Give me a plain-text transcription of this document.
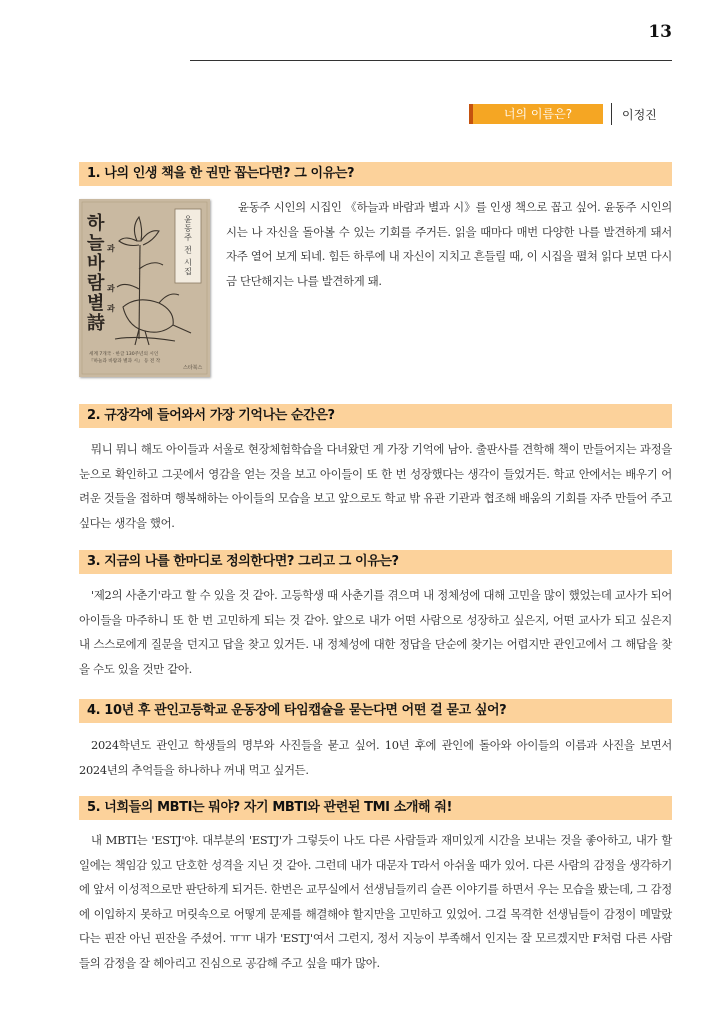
13
너의 이름은?	이정진
1. 나의 인생 책을 한 권만 꼽는다면? 그 이유는?
하
늘 과
바
람 과
별 과
詩
윤동주 전 시집
세계 7개국 · 한글 130주년의 시인
『하늘과 바람과 별과 시』 등 전 작
스타북스
윤동주 시인의 시집인 《하늘과 바람과 별과 시》를 인생 책으로 꼽고 싶어. 윤동주 시인의 시는 나 자신을 돌아볼 수 있는 기회를 주거든. 읽을 때마다 매번 다양한 나를 발견하게 돼서 자주 열어 보게 되네. 힘든 하루에 내 자신이 지치고 흔들릴 때, 이 시집을 펼쳐 읽다 보면 다시금 단단해지는 나를 발견하게 돼.
2. 규장각에 들어와서 가장 기억나는 순간은?
뭐니 뭐니 해도 아이들과 서울로 현장체험학습을 다녀왔던 게 가장 기억에 남아. 출판사를 견학해 책이 만들어지는 과정을 눈으로 확인하고 그곳에서 영감을 얻는 것을 보고 아이들이 또 한 번 성장했다는 생각이 들었거든. 학교 안에서는 배우기 어려운 것들을 접하며 행복해하는 아이들의 모습을 보고 앞으로도 학교 밖 유관 기관과 협조해 배움의 기회를 자주 만들어 주고 싶다는 생각을 했어.
3. 지금의 나를 한마디로 정의한다면? 그리고 그 이유는?
'제2의 사춘기'라고 할 수 있을 것 같아. 고등학생 때 사춘기를 겪으며 내 정체성에 대해 고민을 많이 했었는데 교사가 되어 아이들을 마주하니 또 한 번 고민하게 되는 것 같아. 앞으로 내가 어떤 사람으로 성장하고 싶은지, 어떤 교사가 되고 싶은지 내 스스로에게 질문을 던지고 답을 찾고 있거든. 내 정체성에 대한 정답을 단순에 찾기는 어렵지만 관인고에서 그 해답을 찾을 수도 있을 것만 같아.
4. 10년 후 관인고등학교 운동장에 타임캡슐을 묻는다면 어떤 걸 묻고 싶어?
2024학년도 관인고 학생들의 명부와 사진들을 묻고 싶어. 10년 후에 관인에 돌아와 아이들의 이름과 사진을 보면서 2024년의 추억들을 하나하나 꺼내 먹고 싶거든.
5. 너희들의 MBTI는 뭐야? 자기 MBTI와 관련된 TMI 소개해 줘!
내 MBTI는 'ESTJ'야. 대부분의 'ESTJ'가 그렇듯이 나도 다른 사람들과 재미있게 시간을 보내는 것을 좋아하고, 내가 할 일에는 책임감 있고 단호한 성격을 지닌 것 같아. 그런데 내가 대문자 T라서 아쉬울 때가 있어. 다른 사람의 감정을 생각하기에 앞서 이성적으로만 판단하게 되거든. 한번은 교무실에서 선생님들끼리 슬픈 이야기를 하면서 우는 모습을 봤는데, 그 감정에 이입하지 못하고 머릿속으로 어떻게 문제를 해결해야 할지만을 고민하고 있었어. 그걸 목격한 선생님들이 감정이 메말랐다는 핀잔 아닌 핀잔을 주셨어. ㅠㅠ 내가 'ESTJ'여서 그런지, 정서 지능이 부족해서 인지는 잘 모르겠지만 F처럼 다른 사람들의 감정을 잘 헤아리고 진심으로 공감해 주고 싶을 때가 많아.
